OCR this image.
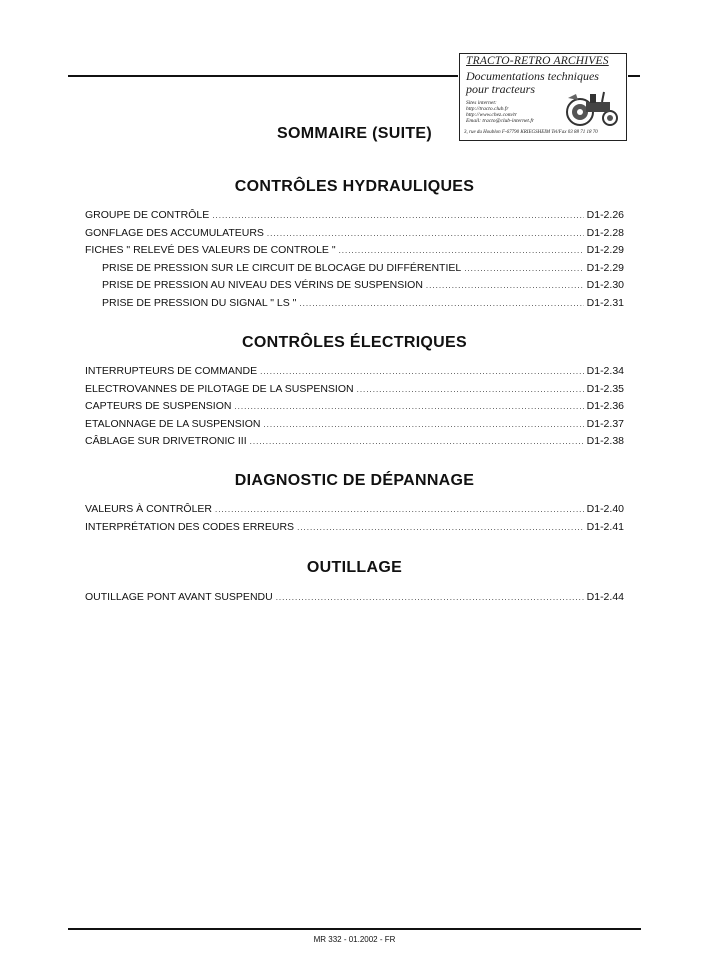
TRACTO-RETRO ARCHIVES
Documentations techniques
pour tracteurs
Sites internet:
http://tracto.club.fr
http://www.chez.com/tr
Email: tracto@club-internet.fr
3, rue du Houblon F-67790 KRIEGSHEIM Tel/Fax 03 88 71 18 70
SOMMAIRE (SUITE)
CONTRÔLES HYDRAULIQUES
GROUPE DE CONTRÔLE .....	D1-2.26
GONFLAGE DES ACCUMULATEURS .....	D1-2.28
FICHES " RELEVÉ DES VALEURS DE CONTROLE " .....	D1-2.29
PRISE DE PRESSION SUR LE CIRCUIT DE BLOCAGE DU DIFFÉRENTIEL .....	D1-2.29
PRISE DE PRESSION AU NIVEAU DES VÉRINS DE SUSPENSION .....	D1-2.30
PRISE DE PRESSION DU SIGNAL " LS " .....	D1-2.31
CONTRÔLES ÉLECTRIQUES
INTERRUPTEURS DE COMMANDE .....	D1-2.34
ELECTROVANNES DE PILOTAGE DE LA SUSPENSION .....	D1-2.35
CAPTEURS DE SUSPENSION .....	D1-2.36
ETALONNAGE DE LA SUSPENSION .....	D1-2.37
CÂBLAGE SUR DRIVETRONIC III .....	D1-2.38
DIAGNOSTIC DE DÉPANNAGE
VALEURS À CONTRÔLER .....	D1-2.40
INTERPRÉTATION DES CODES ERREURS .....	D1-2.41
OUTILLAGE
OUTILLAGE PONT AVANT SUSPENDU .....	D1-2.44
MR 332 - 01.2002 - FR
